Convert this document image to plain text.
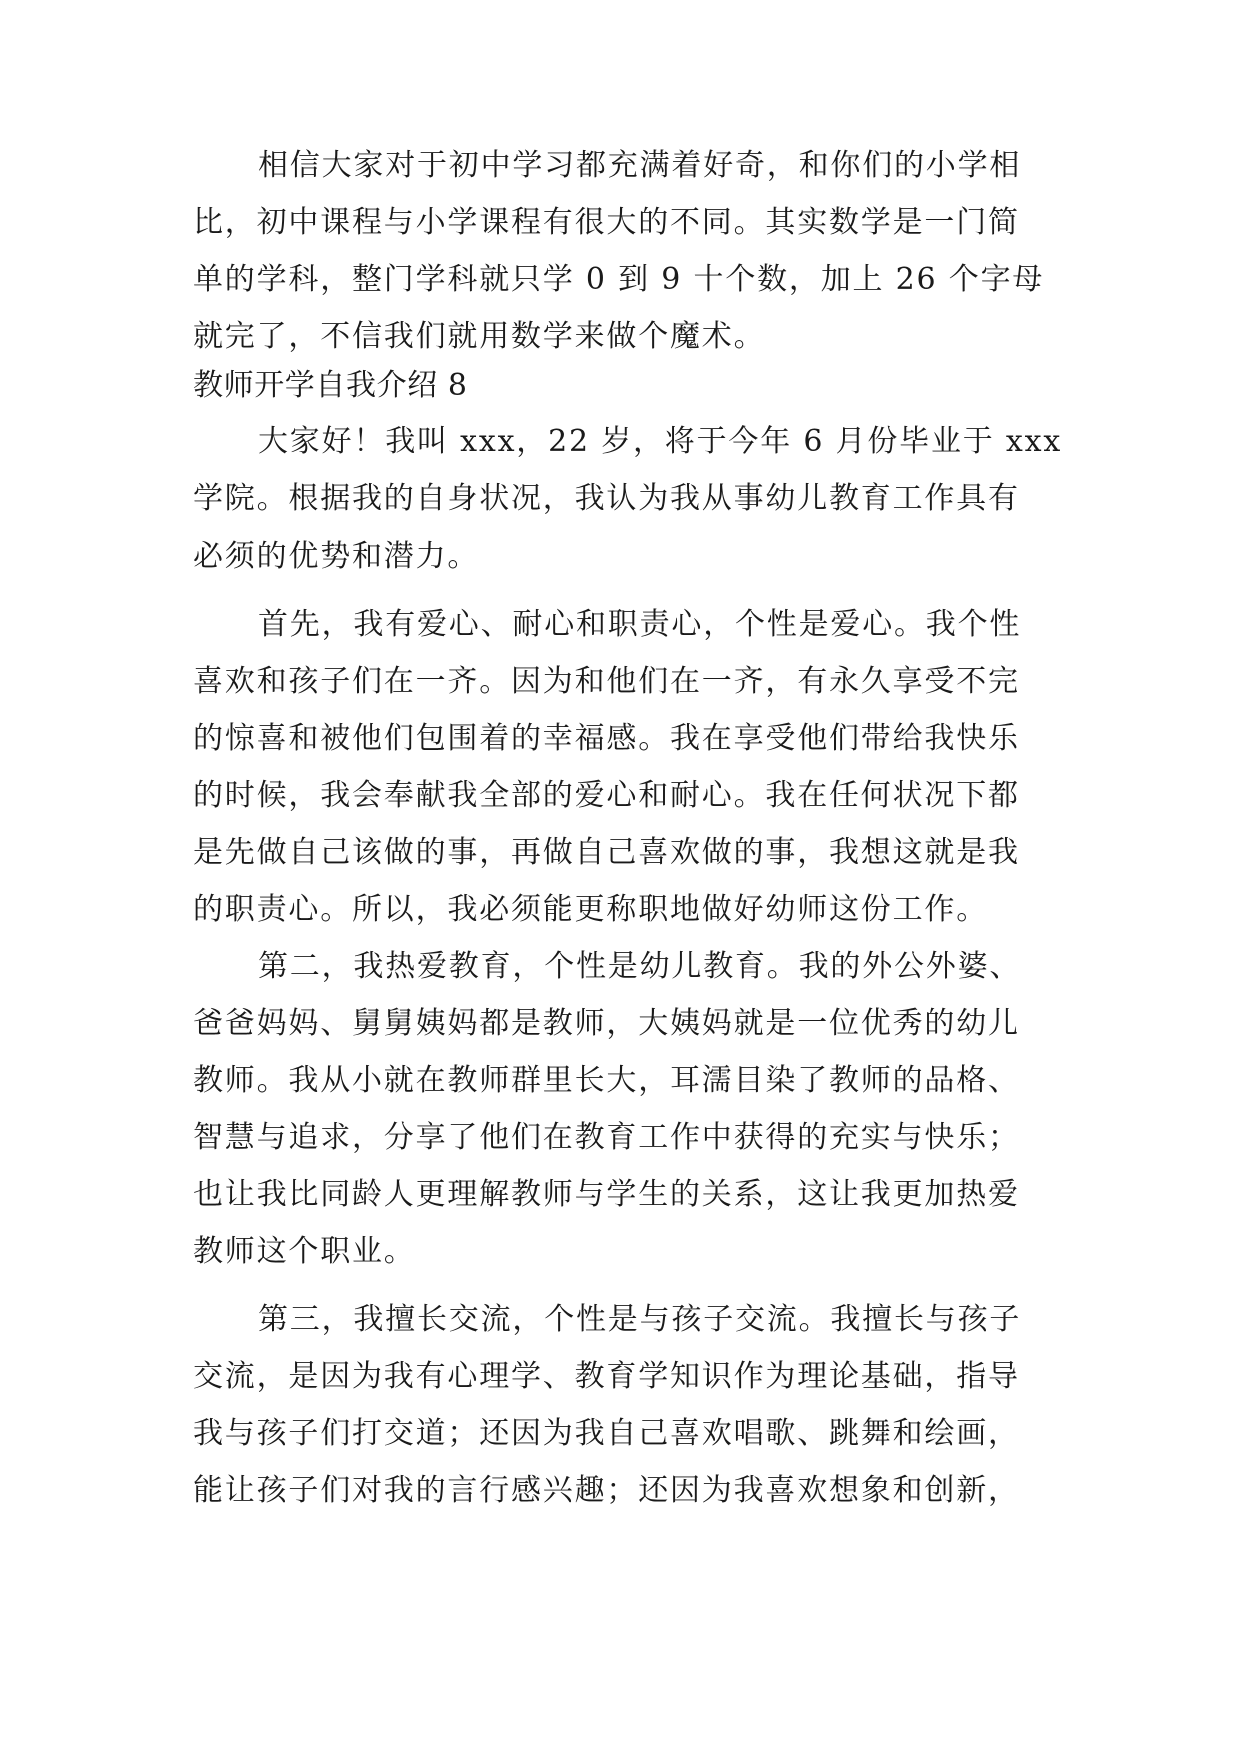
相信大家对于初中学习都充满着好奇，和你们的小学相
比，初中课程与小学课程有很大的不同。其实数学是一门简
单的学科，整门学科就只学 0 到 9 十个数，加上 26 个字母
就完了，不信我们就用数学来做个魔术。
教师开学自我介绍 8
大家好！我叫 xxx，22 岁，将于今年 6 月份毕业于 xxx
学院。根据我的自身状况，我认为我从事幼儿教育工作具有
必须的优势和潜力。
首先，我有爱心、耐心和职责心，个性是爱心。我个性
喜欢和孩子们在一齐。因为和他们在一齐，有永久享受不完
的惊喜和被他们包围着的幸福感。我在享受他们带给我快乐
的时候，我会奉献我全部的爱心和耐心。我在任何状况下都
是先做自己该做的事，再做自己喜欢做的事，我想这就是我
的职责心。所以，我必须能更称职地做好幼师这份工作。
第二，我热爱教育，个性是幼儿教育。我的外公外婆、
爸爸妈妈、舅舅姨妈都是教师，大姨妈就是一位优秀的幼儿
教师。我从小就在教师群里长大，耳濡目染了教师的品格、
智慧与追求，分享了他们在教育工作中获得的充实与快乐；
也让我比同龄人更理解教师与学生的关系，这让我更加热爱
教师这个职业。
第三，我擅长交流，个性是与孩子交流。我擅长与孩子
交流，是因为我有心理学、教育学知识作为理论基础，指导
我与孩子们打交道；还因为我自己喜欢唱歌、跳舞和绘画，
能让孩子们对我的言行感兴趣；还因为我喜欢想象和创新，
